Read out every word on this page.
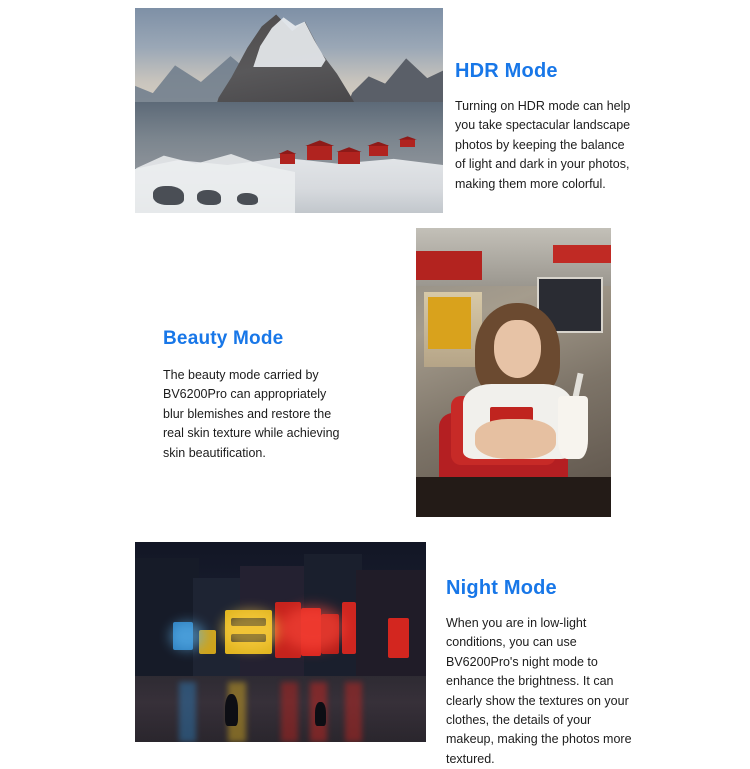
HDR Mode

Turning on HDR mode can help you take spectacular landscape photos by keeping the balance of light and dark in your photos, making them more colorful.

Beauty Mode

The beauty mode carried by BV6200Pro can appropriately blur blemishes and restore the real skin texture while achieving skin beautification.

Night Mode

When you are in low-light conditions, you can use BV6200Pro's night mode to enhance the brightness. It can clearly show the textures on your clothes, the details of your makeup, making the photos more textured.
